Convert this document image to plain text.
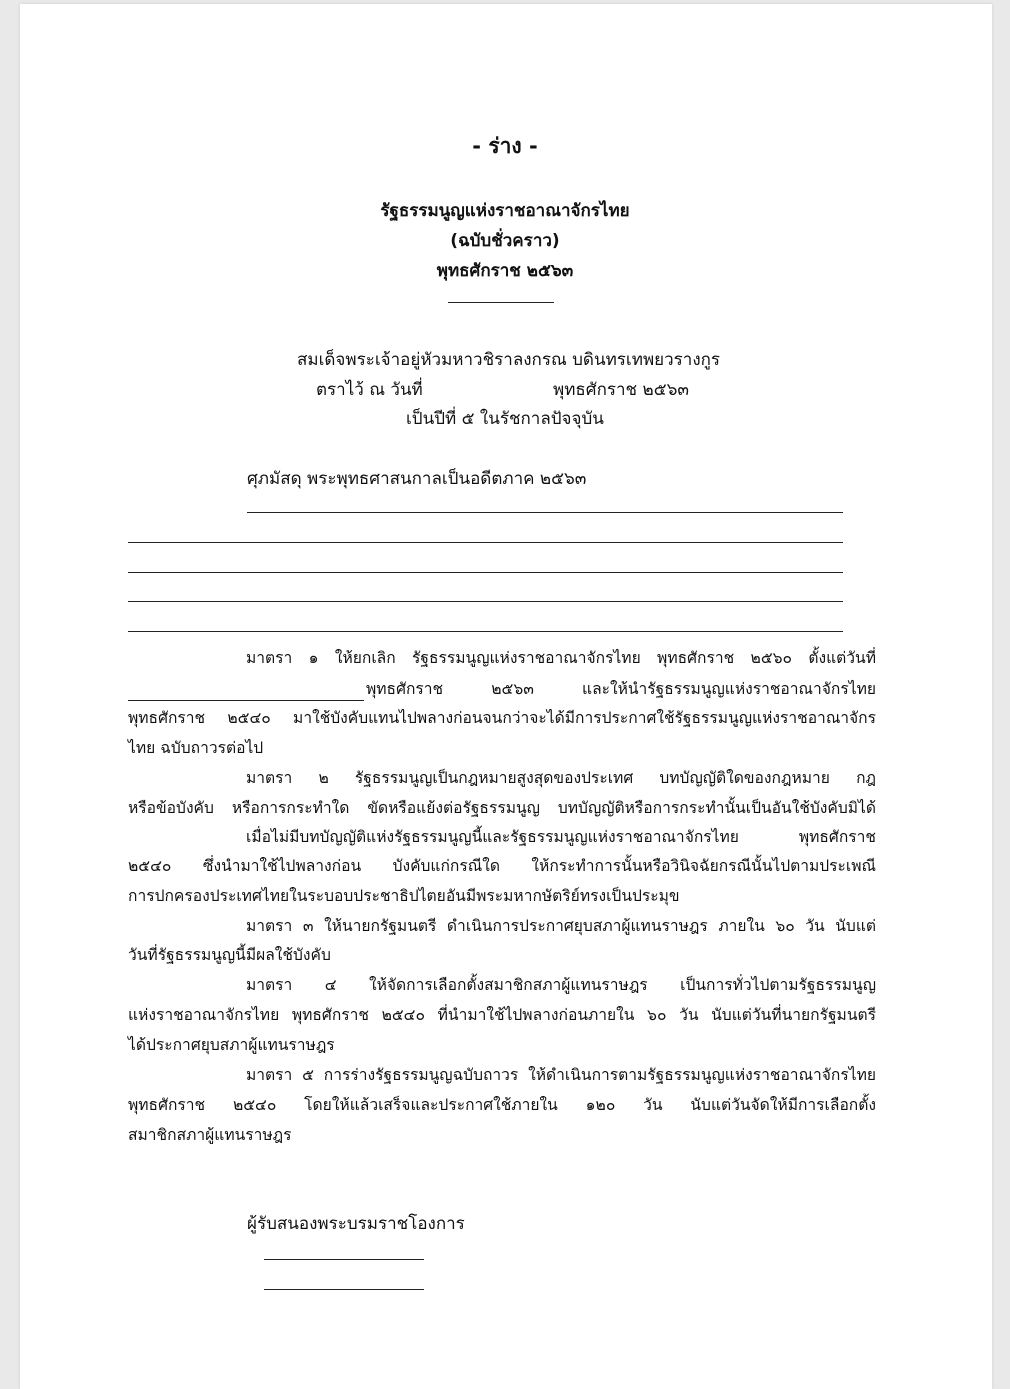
- ร่าง -
รัฐธรรมนูญแห่งราชอาณาจักรไทย
(ฉบับชั่วคราว)
พุทธศักราช ๒๕๖๓
สมเด็จพระเจ้าอยู่หัวมหาวชิราลงกรณ บดินทรเทพยวรางกูร
ตราไว้ ณ วันที่	พุทธศักราช ๒๕๖๓
เป็นปีที่ ๕ ในรัชกาลปัจจุบัน
ศุภมัสดุ พระพุทธศาสนกาลเป็นอดีตภาค ๒๕๖๓
มาตรา ๑ ให้ยกเลิก รัฐธรรมนูญแห่งราชอาณาจักรไทย พุทธศักราช ๒๕๖๐ ตั้งแต่วันที่
พุทธศักราช ๒๕๖๓ และให้นำรัฐธรรมนูญแห่งราชอาณาจักรไทย
พุทธศักราช ๒๕๔๐ มาใช้บังคับแทนไปพลางก่อนจนกว่าจะได้มีการประกาศใช้รัฐธรรมนูญแห่งราชอาณาจักร
ไทย ฉบับถาวรต่อไป
มาตรา ๒ รัฐธรรมนูญเป็นกฎหมายสูงสุดของประเทศ บทบัญญัติใดของกฎหมาย กฎ
หรือข้อบังคับ หรือการกระทำใด ขัดหรือแย้งต่อรัฐธรรมนูญ บทบัญญัติหรือการกระทำนั้นเป็นอันใช้บังคับมิได้
เมื่อไม่มีบทบัญญัติแห่งรัฐธรรมนูญนี้และรัฐธรรมนูญแห่งราชอาณาจักรไทย พุทธศักราช
๒๕๔๐ ซึ่งนำมาใช้ไปพลางก่อน บังคับแก่กรณีใด ให้กระทำการนั้นหรือวินิจฉัยกรณีนั้นไปตามประเพณี
การปกครองประเทศไทยในระบอบประชาธิปไตยอันมีพระมหากษัตริย์ทรงเป็นประมุข
มาตรา ๓ ให้นายกรัฐมนตรี ดำเนินการประกาศยุบสภาผู้แทนราษฎร ภายใน ๖๐ วัน นับแต่
วันที่รัฐธรรมนูญนี้มีผลใช้บังคับ
มาตรา ๔ ให้จัดการเลือกตั้งสมาชิกสภาผู้แทนราษฎร เป็นการทั่วไปตามรัฐธรรมนูญ
แห่งราชอาณาจักรไทย พุทธศักราช ๒๕๔๐ ที่นำมาใช้ไปพลางก่อนภายใน ๖๐ วัน นับแต่วันที่นายกรัฐมนตรี
ได้ประกาศยุบสภาผู้แทนราษฎร
มาตรา ๕ การร่างรัฐธรรมนูญฉบับถาวร ให้ดำเนินการตามรัฐธรรมนูญแห่งราชอาณาจักรไทย
พุทธศักราช ๒๕๔๐ โดยให้แล้วเสร็จและประกาศใช้ภายใน ๑๒๐ วัน นับแต่วันจัดให้มีการเลือกตั้ง
สมาชิกสภาผู้แทนราษฎร
ผู้รับสนองพระบรมราชโองการ
